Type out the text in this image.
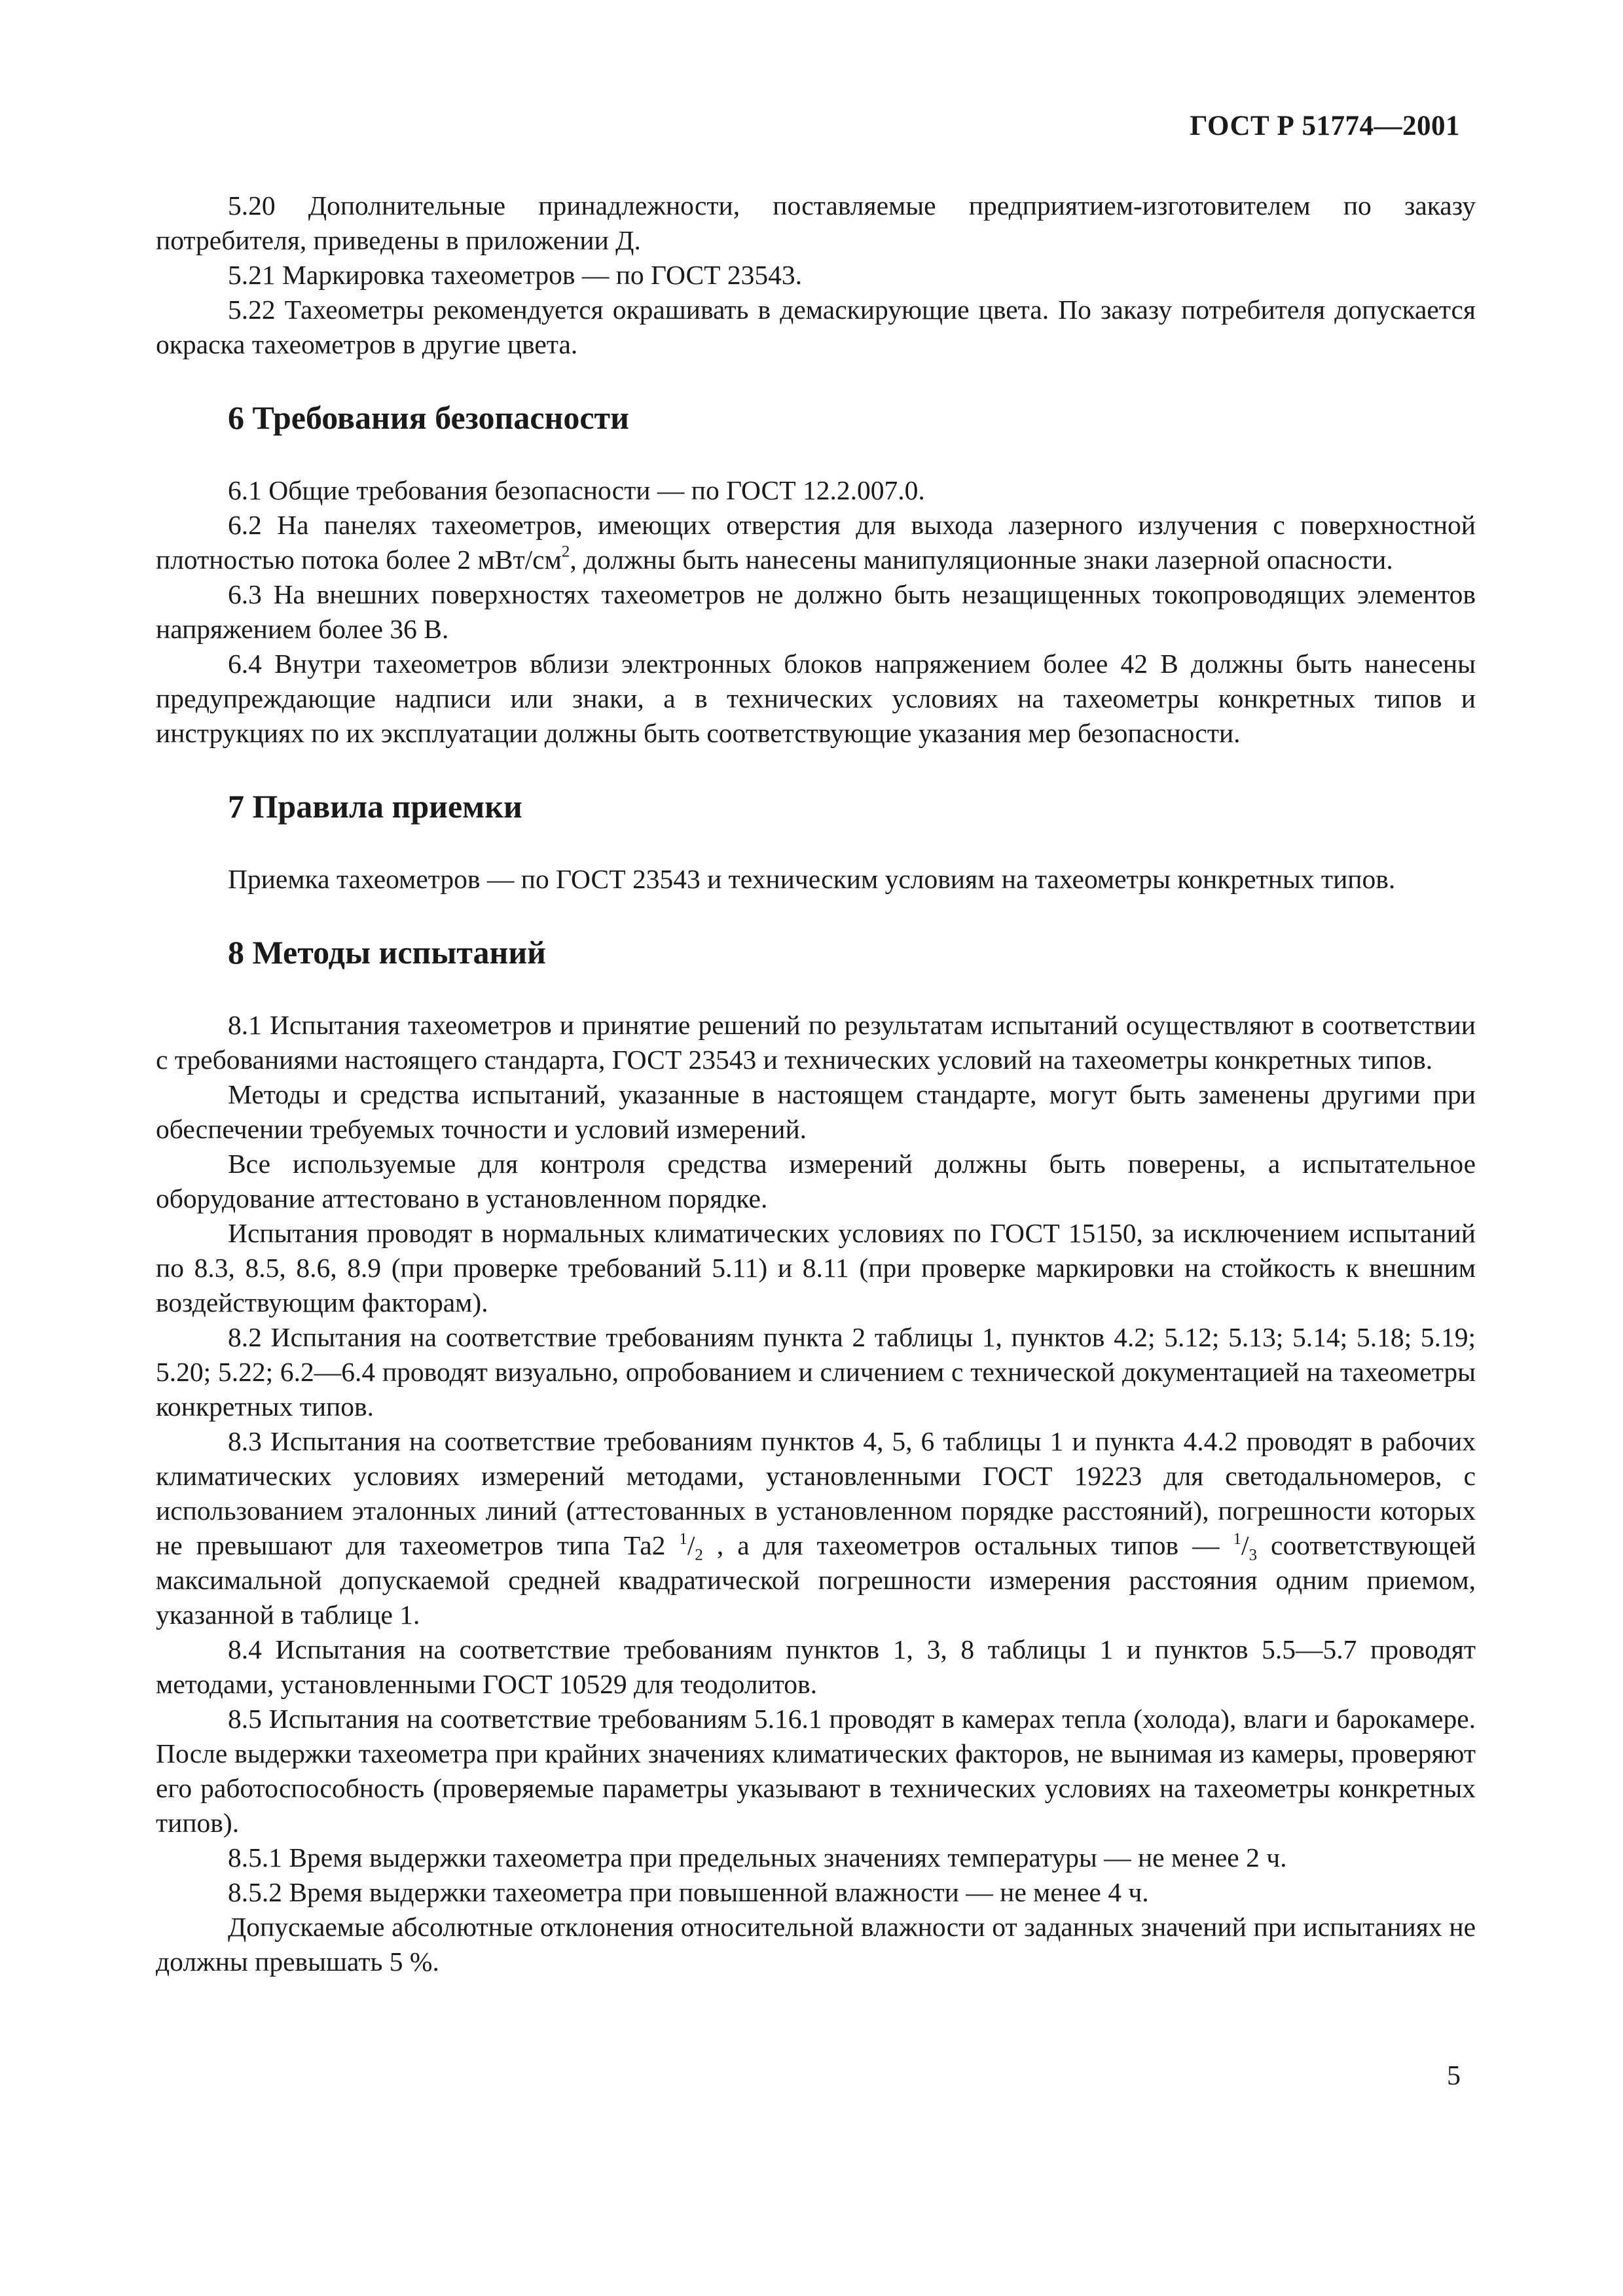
ГОСТ Р 51774—2001

5.20 Дополнительные принадлежности, поставляемые предприятием-изготовителем по заказу потребителя, приведены в приложении Д.

5.21 Маркировка тахеометров — по ГОСТ 23543.

5.22 Тахеометры рекомендуется окрашивать в демаскирующие цвета. По заказу потребителя допускается окраска тахеометров в другие цвета.

6 Требования безопасности

6.1 Общие требования безопасности — по ГОСТ 12.2.007.0.

6.2 На панелях тахеометров, имеющих отверстия для выхода лазерного излучения с поверхностной плотностью потока более 2 мВт/$см^2$, должны быть нанесены манипуляционные знаки лазерной опасности.

6.3 На внешних поверхностях тахеометров не должно быть незащищенных токопроводящих элементов напряжением более 36 В.

6.4 Внутри тахеометров вблизи электронных блоков напряжением более 42 В должны быть нанесены предупреждающие надписи или знаки, а в технических условиях на тахеометры конкретных типов и инструкциях по их эксплуатации должны быть соответствующие указания мер безопасности.

7 Правила приемки

Приемка тахеометров — по ГОСТ 23543 и техническим условиям на тахеометры конкретных типов.

8 Методы испытаний

8.1 Испытания тахеометров и принятие решений по результатам испытаний осуществляют в соответствии с требованиями настоящего стандарта, ГОСТ 23543 и технических условий на тахеометры конкретных типов.

Методы и средства испытаний, указанные в настоящем стандарте, могут быть заменены другими при обеспечении требуемых точности и условий измерений.

Все используемые для контроля средства измерений должны быть поверены, а испытательное оборудование аттестовано в установленном порядке.

Испытания проводят в нормальных климатических условиях по ГОСТ 15150, за исключением испытаний по 8.3, 8.5, 8.6, 8.9 (при проверке требований 5.11) и 8.11 (при проверке маркировки на стойкость к внешним воздействующим факторам).

8.2 Испытания на соответствие требованиям пункта 2 таблицы 1, пунктов 4.2; 5.12; 5.13; 5.14; 5.18; 5.19; 5.20; 5.22; 6.2—6.4 проводят визуально, опробованием и сличением с технической документацией на тахеометры конкретных типов.

8.3 Испытания на соответствие требованиям пунктов 4, 5, 6 таблицы 1 и пункта 4.4.2 проводят в рабочих климатических условиях измерений методами, установленными ГОСТ 19223 для светодальномеров, с использованием эталонных линий (аттестованных в установленном порядке расстояний), погрешности которых не превышают для тахеометров типа Та2 $^1/_2$ , а для тахеометров остальных типов — $^1/_3$ соответствующей максимальной допускаемой средней квадратической погрешности измерения расстояния одним приемом, указанной в таблице 1.

8.4 Испытания на соответствие требованиям пунктов 1, 3, 8 таблицы 1 и пунктов 5.5—5.7 проводят методами, установленными ГОСТ 10529 для теодолитов.

8.5 Испытания на соответствие требованиям 5.16.1 проводят в камерах тепла (холода), влаги и барокамере. После выдержки тахеометра при крайних значениях климатических факторов, не вынимая из камеры, проверяют его работоспособность (проверяемые параметры указывают в технических условиях на тахеометры конкретных типов).

8.5.1 Время выдержки тахеометра при предельных значениях температуры — не менее 2 ч.

8.5.2 Время выдержки тахеометра при повышенной влажности — не менее 4 ч.

Допускаемые абсолютные отклонения относительной влажности от заданных значений при испытаниях не должны превышать 5 %.

5
